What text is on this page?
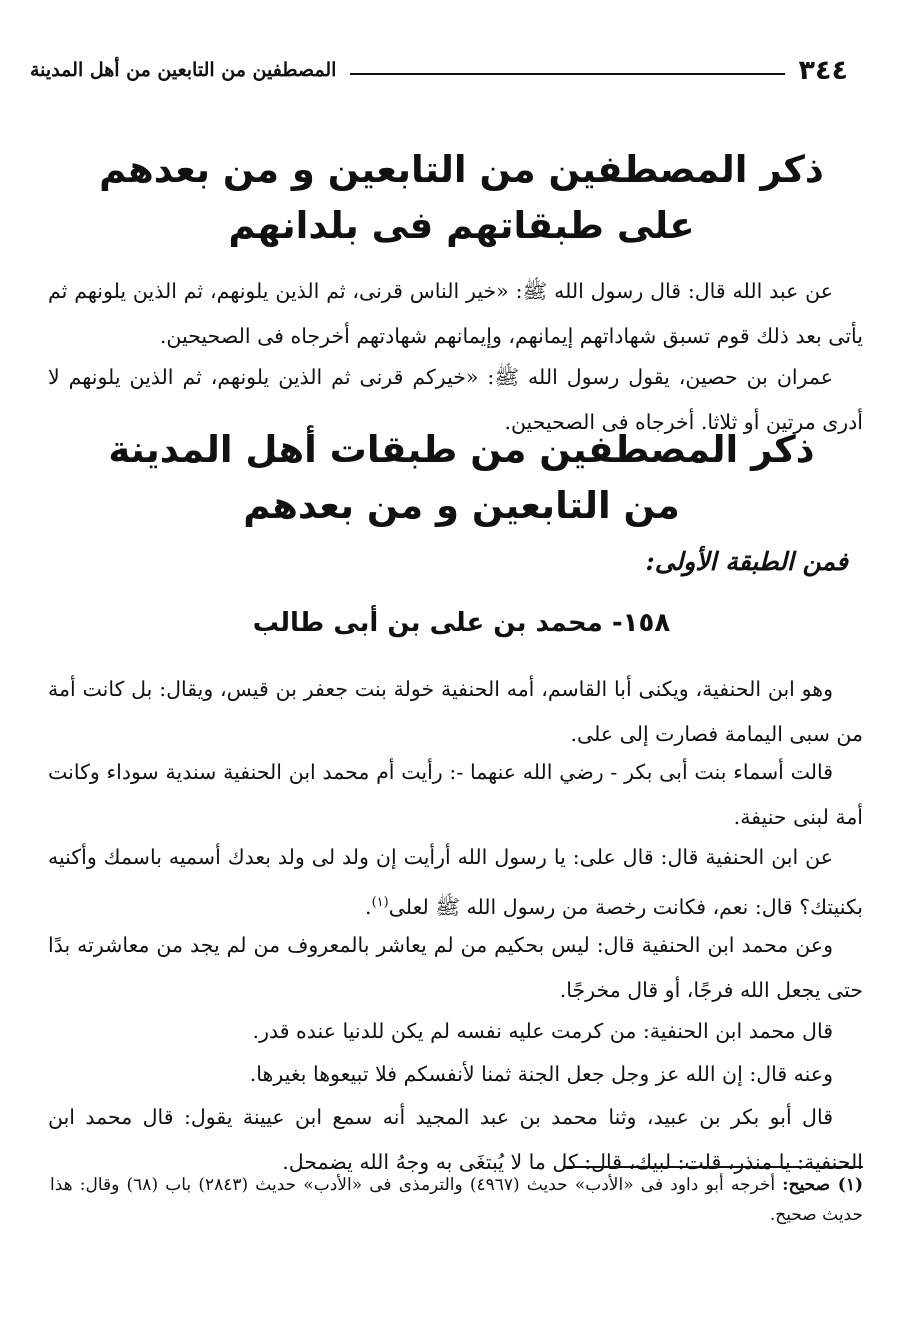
٣٤٤
المصطفين من التابعين من أهل المدينة
ذكر المصطفين من التابعين و من بعدهم
على طبقاتهم فى بلدانهم

عن عبد الله قال: قال رسول الله ﷺ: «خير الناس قرنى، ثم الذين يلونهم، ثم الذين يلونهم ثم يأتى بعد ذلك قوم تسبق شهاداتهم إيمانهم، وإيمانهم شهادتهم أخرجاه فى الصحيحين.

عمران بن حصين، يقول رسول الله ﷺ: «خيركم قرنى ثم الذين يلونهم، ثم الذين يلونهم لا أدرى مرتين أو ثلاثا. أخرجاه فى الصحيحين.

ذكر المصطفين من طبقات أهل المدينة
من التابعين و من بعدهم
فمن الطبقة الأولى:
١٥٨- محمد بن على بن أبى طالب

وهو ابن الحنفية، ويكنى أبا القاسم، أمه الحنفية خولة بنت جعفر بن قيس، ويقال: بل كانت أمة من سبى اليمامة فصارت إلى على.

قالت أسماء بنت أبى بكر - رضي الله عنهما -: رأيت أم محمد ابن الحنفية سندية سوداء وكانت أمة لبنى حنيفة.

عن ابن الحنفية قال: قال على: يا رسول الله أرأيت إن ولد لى ولد بعدك أسميه باسمك وأكنيه بكنيتك؟ قال: نعم، فكانت رخصة من رسول الله ﷺ لعلى$^{(١)}$.

وعن محمد ابن الحنفية قال: ليس بحكيم من لم يعاشر بالمعروف من لم يجد من معاشرته بدًا حتى يجعل الله فرجًا، أو قال مخرجًا.

قال محمد ابن الحنفية: من كرمت عليه نفسه لم يكن للدنيا عنده قدر.

وعنه قال: إن الله عز وجل جعل الجنة ثمنا لأنفسكم فلا تبيعوها بغيرها.

قال أبو بكر بن عبيد، وثنا محمد بن عبد المجيد أنه سمع ابن عيينة يقول: قال محمد ابن الحنفية: يا منذر، قلت: لبيك، قال: كل ما لا يُبتغَى به وجهُ الله يضمحل.

(١) صحيح: أخرجه أبو داود فى «الأدب» حديث (٤٩٦٧) والترمذى فى «الأدب» حديث (٢٨٤٣) باب (٦٨) وقال: هذا حديث صحيح.
